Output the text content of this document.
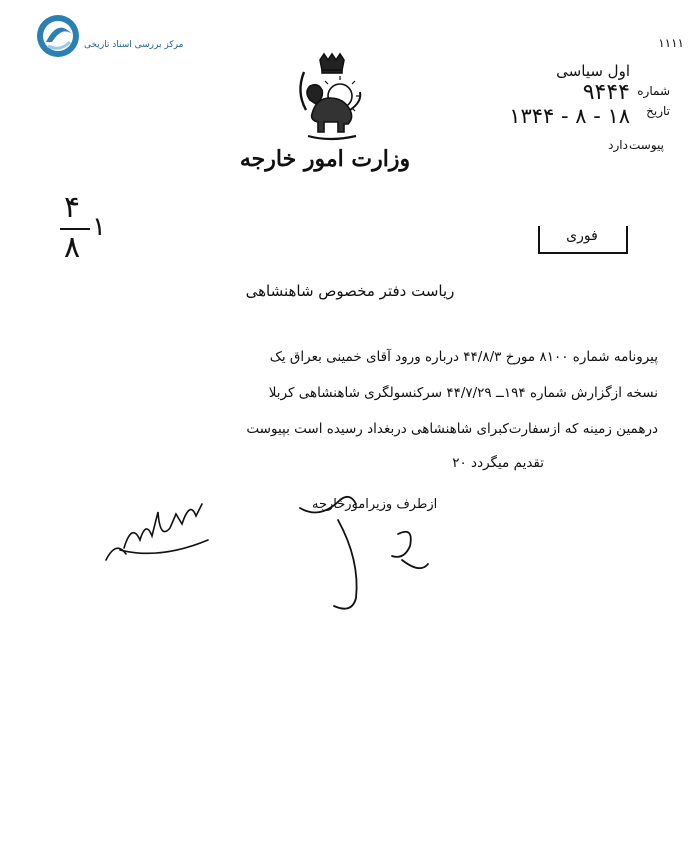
مرکز بررسی اسناد تاریخی
وزارت امور خارجه
۱۱۱۱
اول سیاسی
شماره
۹۴۴۴
تاریخ
۱۳۴۴ - ۸ - ۱۸
پیوست
دارد
۴
۸
۱	فوری
ریاست دفتر مخصوص شاهنشاهی
پیرونامه شماره ۸۱۰۰ مورخ ۴۴/۸/۳ درباره ورود آقای خمینی بعراق یک
نسخه ازگزارش شماره ۱۹۴ــ ۴۴/۷/۲۹ سرکنسولگری شاهنشاهی کربلا
درهمین زمینه که ازسفارت‌کبرای شاهنشاهی دربغداد رسیده است بپیوست
تقدیم میگردد ۲۰
ازطرف وزیرامورخارجه
